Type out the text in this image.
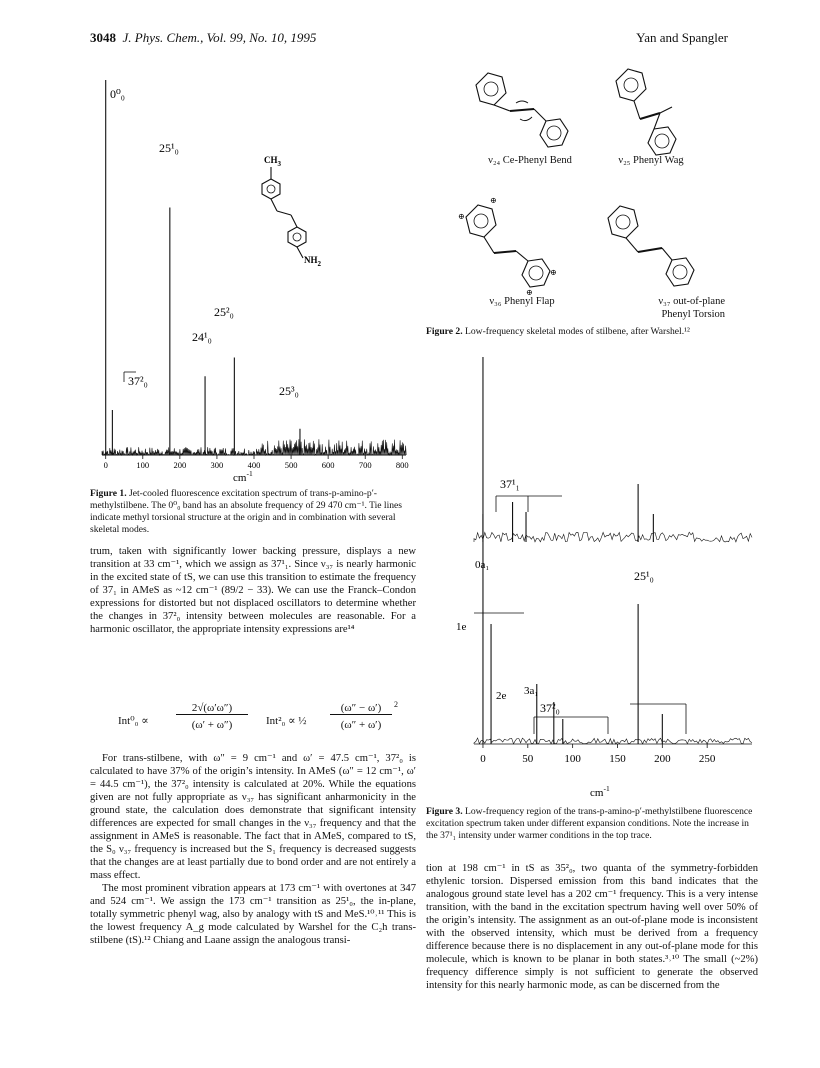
3048 J. Phys. Chem., Vol. 99, No. 10, 1995	Yan and Spangler
0	100	200	300	400	500	600	700	800
$CH_3$
$NH_2$
0⁰₀
25¹₀
25²₀
24¹₀
37²₀
25³₀
$cm^{-1}$
Figure 1. Jet-cooled fluorescence excitation spectrum of trans-p-amino-p′-methylstilbene. The 0⁰₀ band has an absolute frequency of 29 470 cm⁻¹. Tie lines indicate methyl torsional structure at the origin and in combination with several skeletal modes.
⊕
⊕
⊕
⊕
ν₂₄ Ce-Phenyl Bend	ν₂₅ Phenyl Wag
ν₃₆ Phenyl Flap	ν₃₇ out-of-plane
Phenyl Torsion
Figure 2. Low-frequency skeletal modes of stilbene, after Warshel.¹²
0	50	100	150	200	250
37¹₁
0a₁
25¹₀
1e
2e 3a₁
37²₀
$cm^{-1}$
Figure 3. Low-frequency region of the trans-p-amino-p′-methylstilbene fluorescence excitation spectrum taken under different expansion conditions. Note the increase in the 37¹₁ intensity under warmer conditions in the top trace.

trum, taken with significantly lower backing pressure, displays a new transition at 33 cm⁻¹, which we assign as 37¹₁. Since ν₃₇ is nearly harmonic in the excited state of tS, we can use this transition to estimate the frequency of 37₁ in AMeS as ~12 cm⁻¹ (89/2 − 33). We can use the Franck–Condon expressions for distorted but not displaced oscillators to determine whether the changes in 37²₀ intensity between molecules are reasonable. For a harmonic oscillator, the appropriate intensity expressions are¹⁴

Int⁰₀ ∝
2√(ω′ω″)
(ω′ + ω″)	Int²₀ ∝ ½
(ω″ − ω′)
(ω″ + ω′)
2

For trans-stilbene, with ω″ = 9 cm⁻¹ and ω′ = 47.5 cm⁻¹, 37²₀ is calculated to have 37% of the origin’s intensity. In AMeS (ω″ = 12 cm⁻¹, ω′ = 44.5 cm⁻¹), the 37²₀ intensity is calculated at 20%. While the equations given are not fully appropriate as ν₃₇ has significant anharmonicity in the ground state, the calculation does demonstrate that significant intensity differences are expected for small changes in the ν₃₇ frequency and that the assignment in AMeS is reasonable. The fact that in AMeS, compared to tS, the S₀ ν₃₇ frequency is increased but the S₁ frequency is decreased suggests that the changes are at least partially due to bond order and are not entirely a mass effect.

The most prominent vibration appears at 173 cm⁻¹ with overtones at 347 and 524 cm⁻¹. We assign the 173 cm⁻¹ transition as 25¹₀, the in-plane, totally symmetric phenyl wag, also by analogy with tS and MeS.¹⁰˒¹¹ This is the lowest frequency A_g mode calculated by Warshel for the C₂h trans-stilbene (tS).¹² Chiang and Laane assign the analogous transi-

tion at 198 cm⁻¹ in tS as 35²₀, two quanta of the symmetry-forbidden ethylenic torsion. Dispersed emission from this band indicates that the analogous ground state level has a 202 cm⁻¹ frequency. This is a very intense transition, with the band in the excitation spectrum having well over 50% of the origin’s intensity. The assignment as an out-of-plane mode is inconsistent with the observed intensity, which must be derived from a frequency difference because there is no displacement in any out-of-plane mode for this molecule, which is known to be planar in both states.³˒¹⁰ The small (~2%) frequency difference simply is not sufficient to generate the observed intensity for this nearly harmonic mode, as can be discerned from the
